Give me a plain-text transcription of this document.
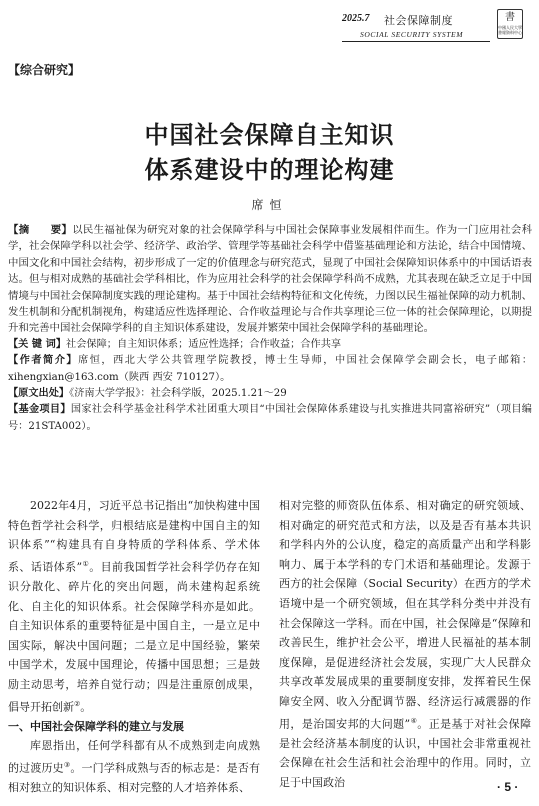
2025.7 社会保障制度
SOCIAL SECURITY SYSTEM
書
中國人民大學書報資料中心
【综合研究】
中国社会保障自主知识
体系建设中的理论构建
席恒

【摘　　要】以民生福祉保为研究对象的社会保障学科与中国社会保障事业发展相伴而生。作为一门应用社会科学，社会保障学科以社会学、经济学、政治学、管理学等基础社会科学中借鉴基础理论和方法论，结合中国情境、中国文化和中国社会结构，初步形成了一定的价值理念与研究范式，显现了中国社会保障知识体系中的中国话语表达。但与相对成熟的基础社会学科相比，作为应用社会科学的社会保障学科尚不成熟，尤其表现在缺乏立足于中国情境与中国社会保障制度实践的理论建构。基于中国社会结构特征和文化传统，力图以民生福祉保障的动力机制、发生机制和分配机制视角，构建适应性选择理论、合作收益理论与合作共享理论三位一体的社会保障理论，以期提升和完善中国社会保障学科的自主知识体系建设，发展并繁荣中国社会保障学科的基础理论。

【关 键 词】社会保障；自主知识体系；适应性选择；合作收益；合作共享

【作者简介】席恒，西北大学公共管理学院教授，博士生导师，中国社会保障学会副会长，电子邮箱：xihengxian@163.com（陕西 西安 710127）。

【原文出处】《济南大学学报》：社会科学版，2025.1.21～29

【基金项目】国家社会科学基金社科学术社团重大项目“中国社会保障体系建设与扎实推进共同富裕研究”（项目编号：21STA002）。

2022年4月，习近平总书记指出“加快构建中国特色哲学社会科学，归根结底是建构中国自主的知识体系”“构建具有自身特质的学科体系、学术体系、话语体系”①。目前我国哲学社会科学仍存在知识分散化、碎片化的突出问题，尚未建构起系统化、自主化的知识体系。社会保障学科亦是如此。自主知识体系的重要特征是中国自主，一是立足中国实际，解决中国问题；二是立足中国经验，繁荣中国学术，发展中国理论，传播中国思想；三是鼓励主动思考，培养自觉行动；四是注重原创成果，倡导开拓创新②。

一、中国社会保障学科的建立与发展

库恩指出，任何学科都有从不成熟到走向成熟的过渡历史③。一门学科成熟与否的标志是：是否有相对独立的知识体系、相对完整的人才培养体系、

相对完整的师资队伍体系、相对确定的研究领域、相对确定的研究范式和方法，以及是否有基本共识和学科内外的公认度，稳定的高质量产出和学科影响力、属于本学科的专门术语和基础理论。发源于西方的社会保障（Social Security）在西方的学术语境中是一个研究领域，但在其学科分类中并没有社会保障这一学科。而在中国，社会保障是“保障和改善民生，维护社会公平，增进人民福祉的基本制度保障，是促进经济社会发展，实现广大人民群众共享改革发展成果的重要制度安排，发挥着民生保障安全网、收入分配调节器、经济运行减震器的作用，是治国安邦的大问题”④。正是基于对社会保障是社会经济基本制度的认识，中国社会非常重视社会保障在社会生活和社会治理中的作用。同时，立足于中国政治	· 5 ·
